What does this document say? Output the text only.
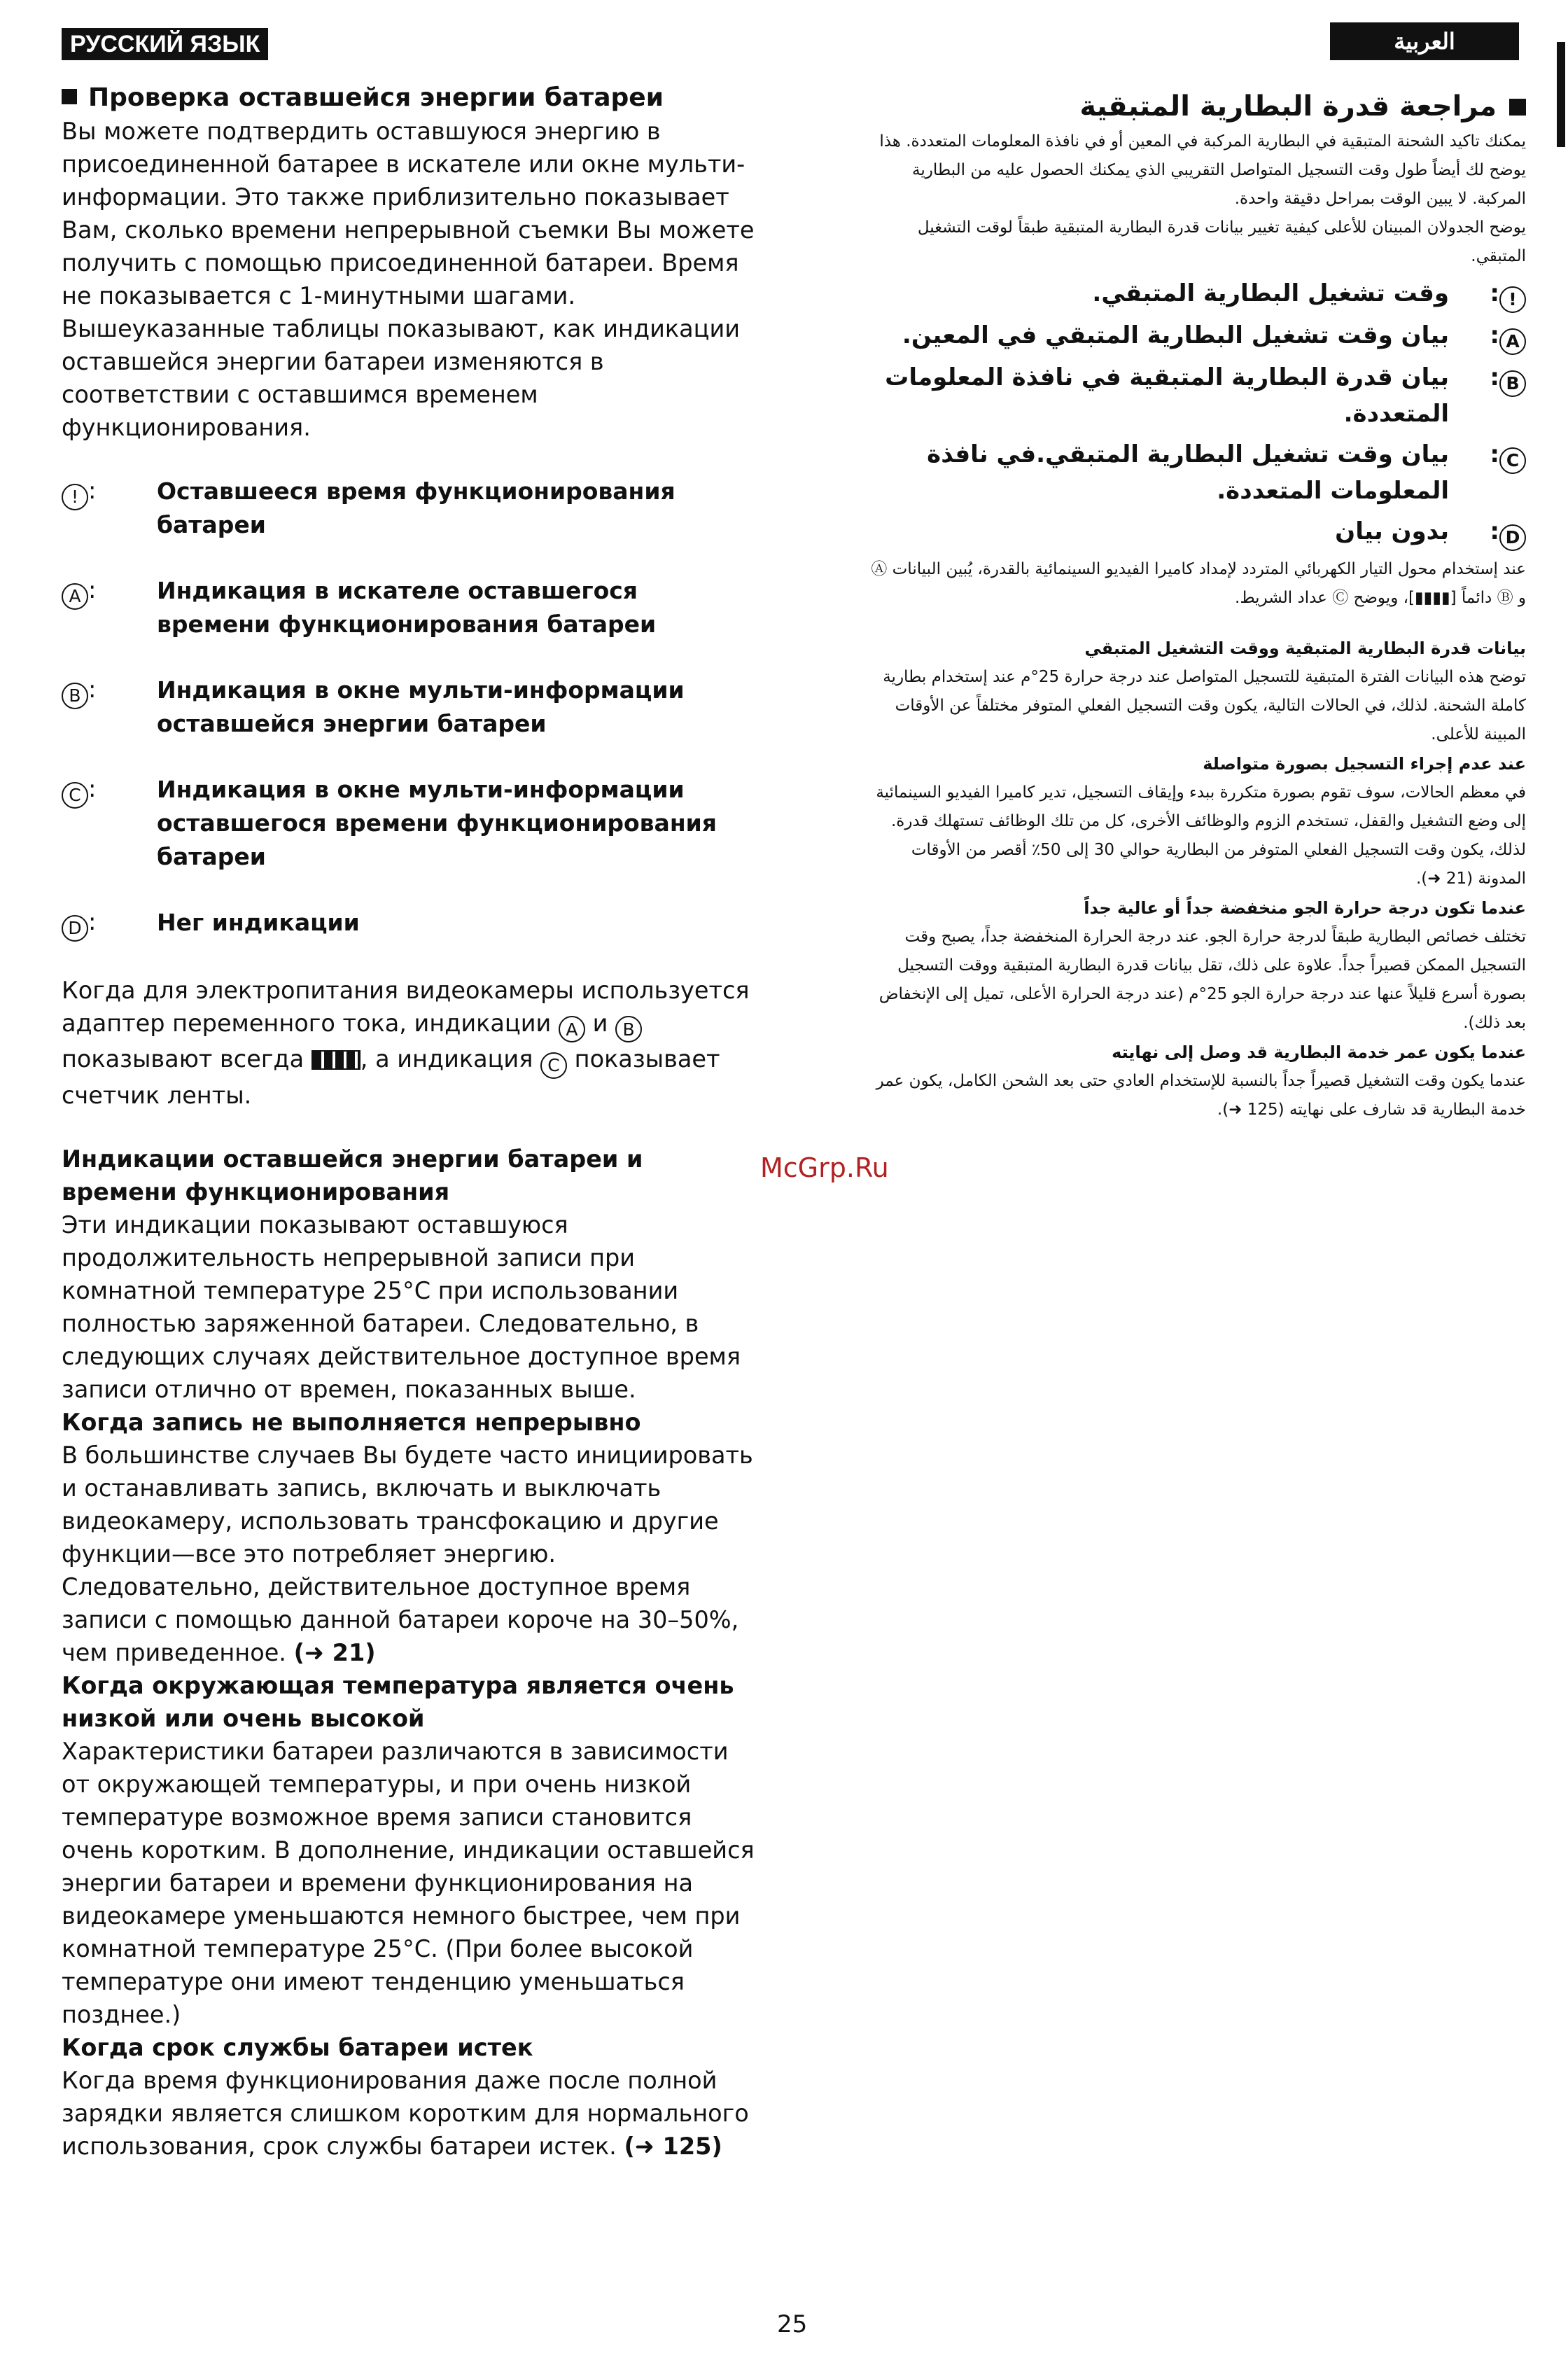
РУССКИЙ ЯЗЫК	العربية
Проверка оставшейся энергии батареи
Вы можете подтвердить оставшуюся энергию в присоединенной батарее в искателе или окне мульти-информации. Это также приблизительно показывает Вам, сколько времени непрерывной съемки Вы можете получить с помощью присоединенной батареи. Время не показывается с 1-минутными шагами.
Вышеуказанные таблицы показывают, как индикации оставшейся энергии батареи изменяются в соответствии с оставшимся временем функционирования.
! :	Оставшееся время функционирования батареи
A :	Индикация в искателе оставшегося времени функционирования батареи
B :	Индикация в окне мульти-информации оставшейся энергии батареи
C :	Индикация в окне мульти-информации оставшегося времени функционирования батареи
D :	Нег индикации
Когда для электропитания видеокамеры используется адаптер переменного тока, индикации A и B показывают всегда , а индикация C показывает счетчик ленты.
Индикации оставшейся энергии батареи и времени функционирования
Эти индикации показывают оставшуюся продолжительность непрерывной записи при комнатной температуре 25°C при использовании полностью заряженной батареи. Следовательно, в следующих случаях действительное доступное время записи отлично от времен, показанных выше.
Когда запись не выполняется непрерывно
В большинстве случаев Вы будете часто инициировать и останавливать запись, включать и выключать видеокамеру, использовать трансфокацию и другие функции—все это потребляет энергию.
Следовательно, действительное доступное время записи с помощью данной батареи короче на 30–50%, чем приведенное. (➜ 21)
Когда окружающая температура является очень низкой или очень высокой
Характеристики батареи различаются в зависимости от окружающей температуры, и при очень низкой температуре возможное время записи становится очень коротким. В дополнение, индикации оставшейся энергии батареи и времени функционирования на видеокамере уменьшаются немного быстрее, чем при комнатной температуре 25°C. (При более высокой температуре они имеют тенденцию уменьшаться позднее.)
Когда срок службы батареи истек
Когда время функционирования даже после полной зарядки является слишком коротким для нормального использования, срок службы батареи истек. (➜ 125)
مراجعة قدرة البطارية المتبقية
يمكنك تاكيد الشحنة المتبقية في البطارية المركبة في المعين أو في نافذة المعلومات المتعددة. هذا يوضح لك أيضاً طول وقت التسجيل المتواصل التقريبي الذي يمكنك الحصول عليه من البطارية المركبة. لا يبين الوقت بمراحل دقيقة واحدة.
يوضح الجدولان المبينان للأعلى كيفية تغيير بيانات قدرة البطارية المتبقية طبقاً لوقت التشغيل المتبقي.
!:
وقت تشغيل البطارية المتبقي.
A:
بيان وقت تشغيل البطارية المتبقي في المعين.
B:
بيان قدرة البطارية المتبقية في نافذة المعلومات المتعددة.
C:
بيان وقت تشغيل البطارية المتبقي.في نافذة المعلومات المتعددة.
D:
بدون بيان
عند إستخدام محول التيار الكهربائي المتردد لإمداد كاميرا الفيديو السينمائية بالقدرة، يُبين البيانات Ⓐ و Ⓑ دائماً [▮▮▮▮]، ويوضح Ⓒ عداد الشريط.
بيانات قدرة البطارية المتبقية ووقت التشغيل المتبقي
توضح هذه البيانات الفترة المتبقية للتسجيل المتواصل عند درجة حرارة 25°م عند إستخدام بطارية كاملة الشحنة. لذلك، في الحالات التالية، يكون وقت التسجيل الفعلي المتوفر مختلفاً عن الأوقات المبينة للأعلى.
عند عدم إجراء التسجيل بصورة متواصلة
في معظم الحالات، سوف تقوم بصورة متكررة ببدء وإيقاف التسجيل، تدير كاميرا الفيديو السينمائية إلى وضع التشغيل والقفل، تستخدم الزوم والوظائف الأخرى، كل من تلك الوظائف تستهلك قدرة. لذلك، يكون وقت التسجيل الفعلي المتوفر من البطارية حوالي 30 إلى 50٪ أقصر من الأوقات المدونة (21 ➜).
عندما تكون درجة حرارة الجو منخفضة جداً أو عالية جداً
تختلف خصائص البطارية طبقاً لدرجة حرارة الجو. عند درجة الحرارة المنخفضة جداً، يصبح وقت التسجيل الممكن قصيراً جداً. علاوة على ذلك، تقل بيانات قدرة البطارية المتبقية ووقت التسجيل بصورة أسرع قليلاً عنها عند درجة حرارة الجو 25°م (عند درجة الحرارة الأعلى، تميل إلى الإنخفاض بعد ذلك).
عندما يكون عمر خدمة البطارية قد وصل إلى نهايته
عندما يكون وقت التشغيل قصيراً جداً بالنسبة للإستخدام العادي حتى بعد الشحن الكامل، يكون عمر خدمة البطارية قد شارف على نهايته (125 ➜).
McGrp.Ru
25
